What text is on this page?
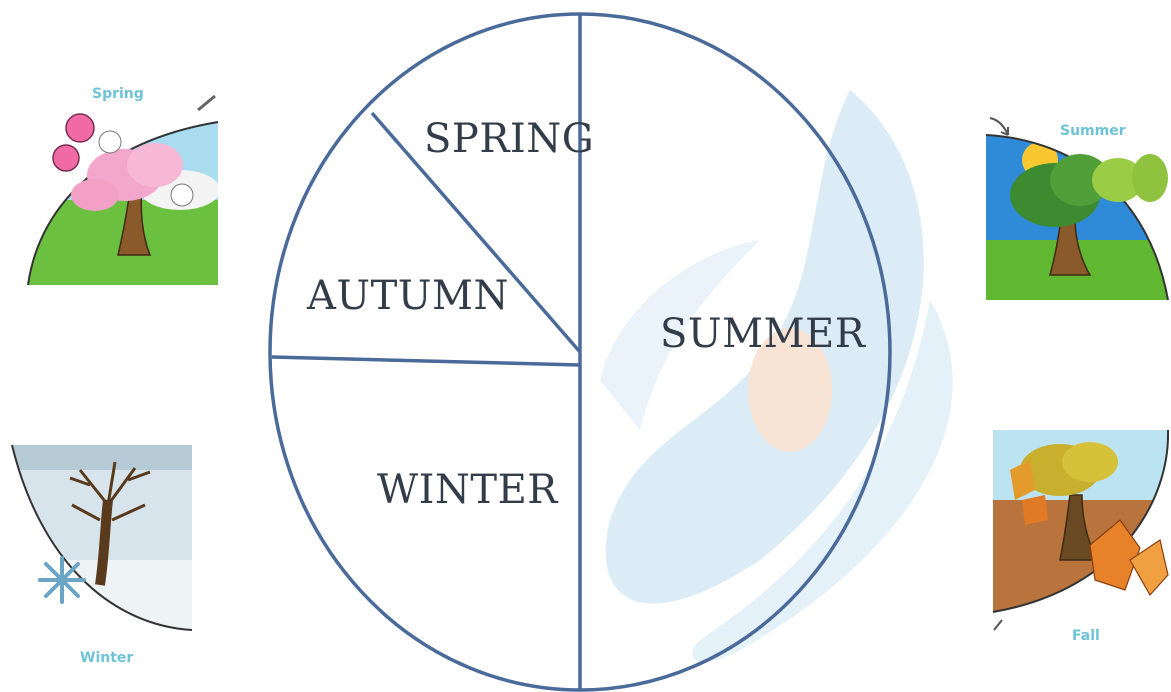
SPRING
AUTUMN
WINTER
SUMMER
Spring
Summer
Winter
Fall
